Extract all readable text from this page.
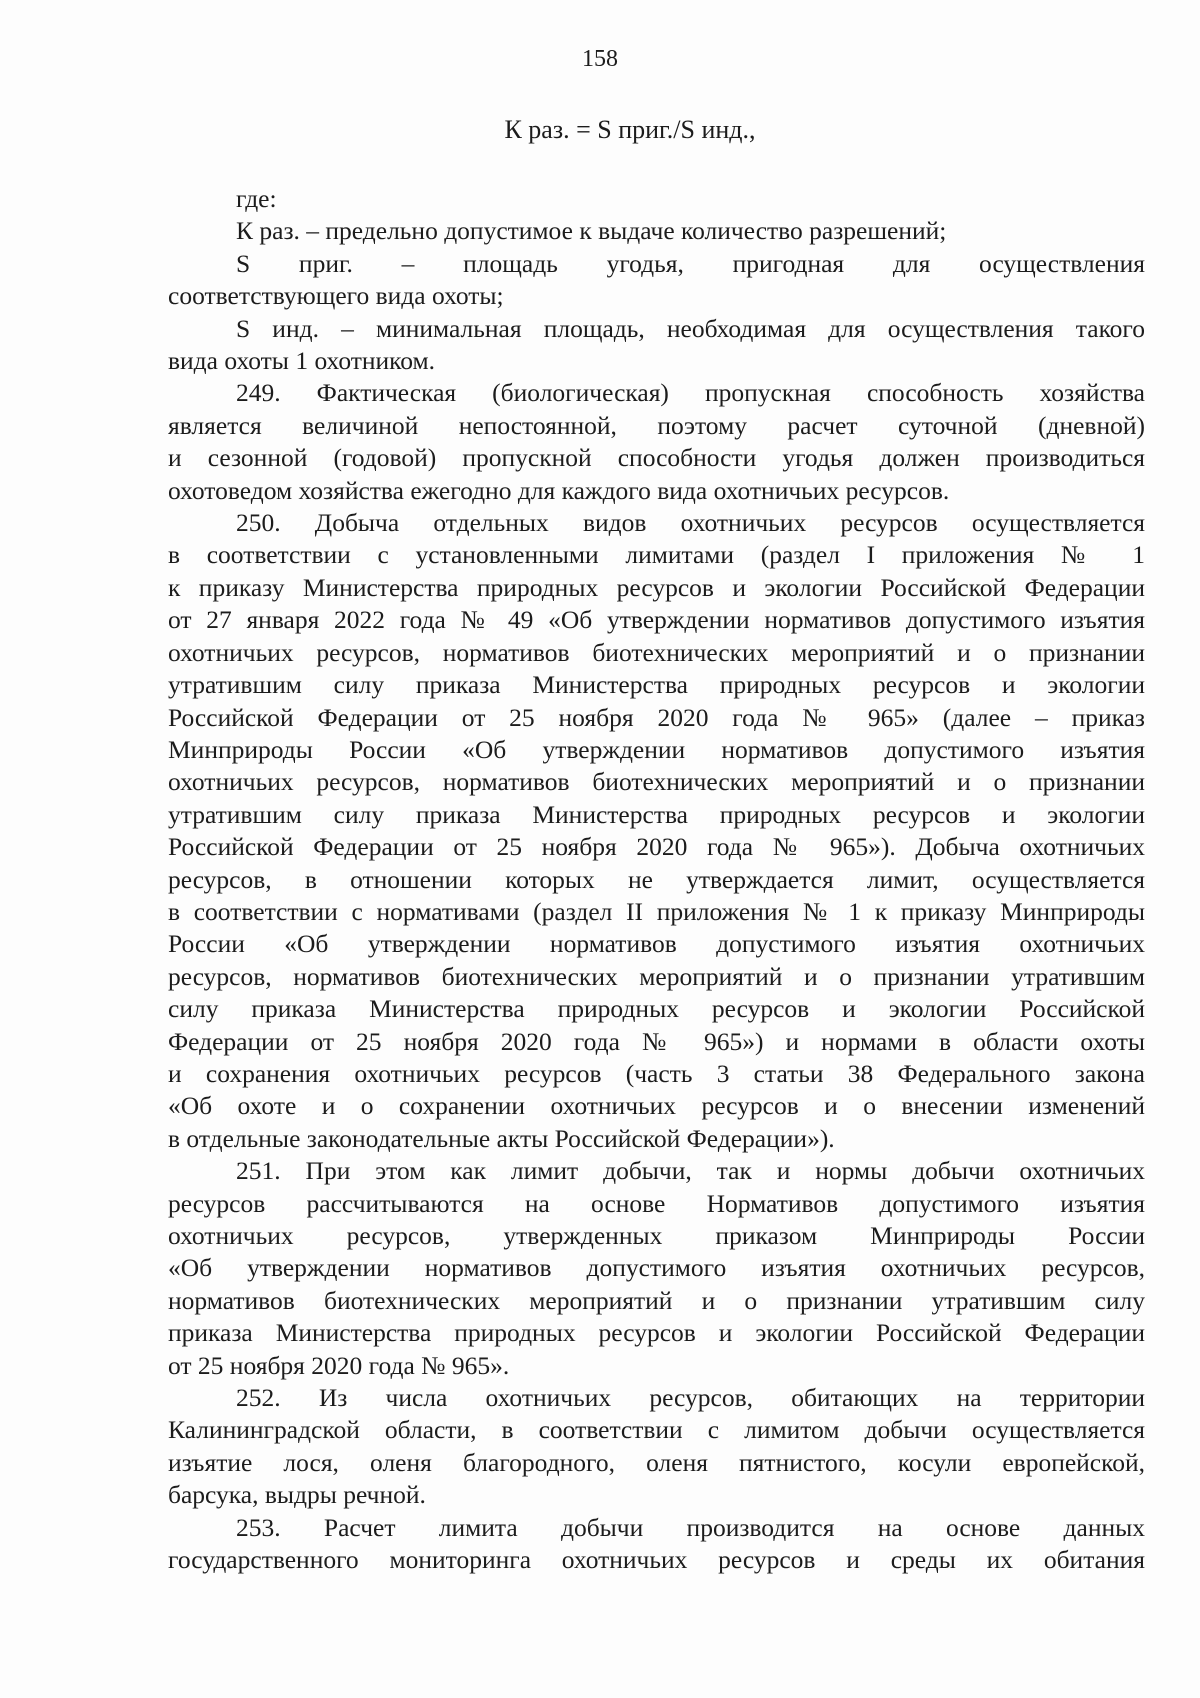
158
К раз. = S приг./S инд.,
где:
К раз. – предельно допустимое к выдаче количество разрешений;
S приг. – площадь угодья, пригодная для осуществления
соответствующего вида охоты;
S инд. – минимальная площадь, необходимая для осуществления такого
вида охоты 1 охотником.
249. Фактическая (биологическая) пропускная способность хозяйства
является величиной непостоянной, поэтому расчет суточной (дневной)
и сезонной (годовой) пропускной способности угодья должен производиться
охотоведом хозяйства ежегодно для каждого вида охотничьих ресурсов.
250. Добыча отдельных видов охотничьих ресурсов осуществляется
в соответствии с установленными лимитами (раздел I приложения № 1
к приказу Министерства природных ресурсов и экологии Российской Федерации
от 27 января 2022 года № 49 «Об утверждении нормативов допустимого изъятия
охотничьих ресурсов, нормативов биотехнических мероприятий и о признании
утратившим силу приказа Министерства природных ресурсов и экологии
Российской Федерации от 25 ноября 2020 года № 965» (далее – приказ
Минприроды России «Об утверждении нормативов допустимого изъятия
охотничьих ресурсов, нормативов биотехнических мероприятий и о признании
утратившим силу приказа Министерства природных ресурсов и экологии
Российской Федерации от 25 ноября 2020 года № 965»). Добыча охотничьих
ресурсов, в отношении которых не утверждается лимит, осуществляется
в соответствии с нормативами (раздел II приложения № 1 к приказу Минприроды
России «Об утверждении нормативов допустимого изъятия охотничьих
ресурсов, нормативов биотехнических мероприятий и о признании утратившим
силу приказа Министерства природных ресурсов и экологии Российской
Федерации от 25 ноября 2020 года № 965») и нормами в области охоты
и сохранения охотничьих ресурсов (часть 3 статьи 38 Федерального закона
«Об охоте и о сохранении охотничьих ресурсов и о внесении изменений
в отдельные законодательные акты Российской Федерации»).
251. При этом как лимит добычи, так и нормы добычи охотничьих
ресурсов рассчитываются на основе Нормативов допустимого изъятия
охотничьих ресурсов, утвержденных приказом Минприроды России
«Об утверждении нормативов допустимого изъятия охотничьих ресурсов,
нормативов биотехнических мероприятий и о признании утратившим силу
приказа Министерства природных ресурсов и экологии Российской Федерации
от 25 ноября 2020 года № 965».
252. Из числа охотничьих ресурсов, обитающих на территории
Калининградской области, в соответствии с лимитом добычи осуществляется
изъятие лося, оленя благородного, оленя пятнистого, косули европейской,
барсука, выдры речной.
253. Расчет лимита добычи производится на основе данных
государственного мониторинга охотничьих ресурсов и среды их обитания
